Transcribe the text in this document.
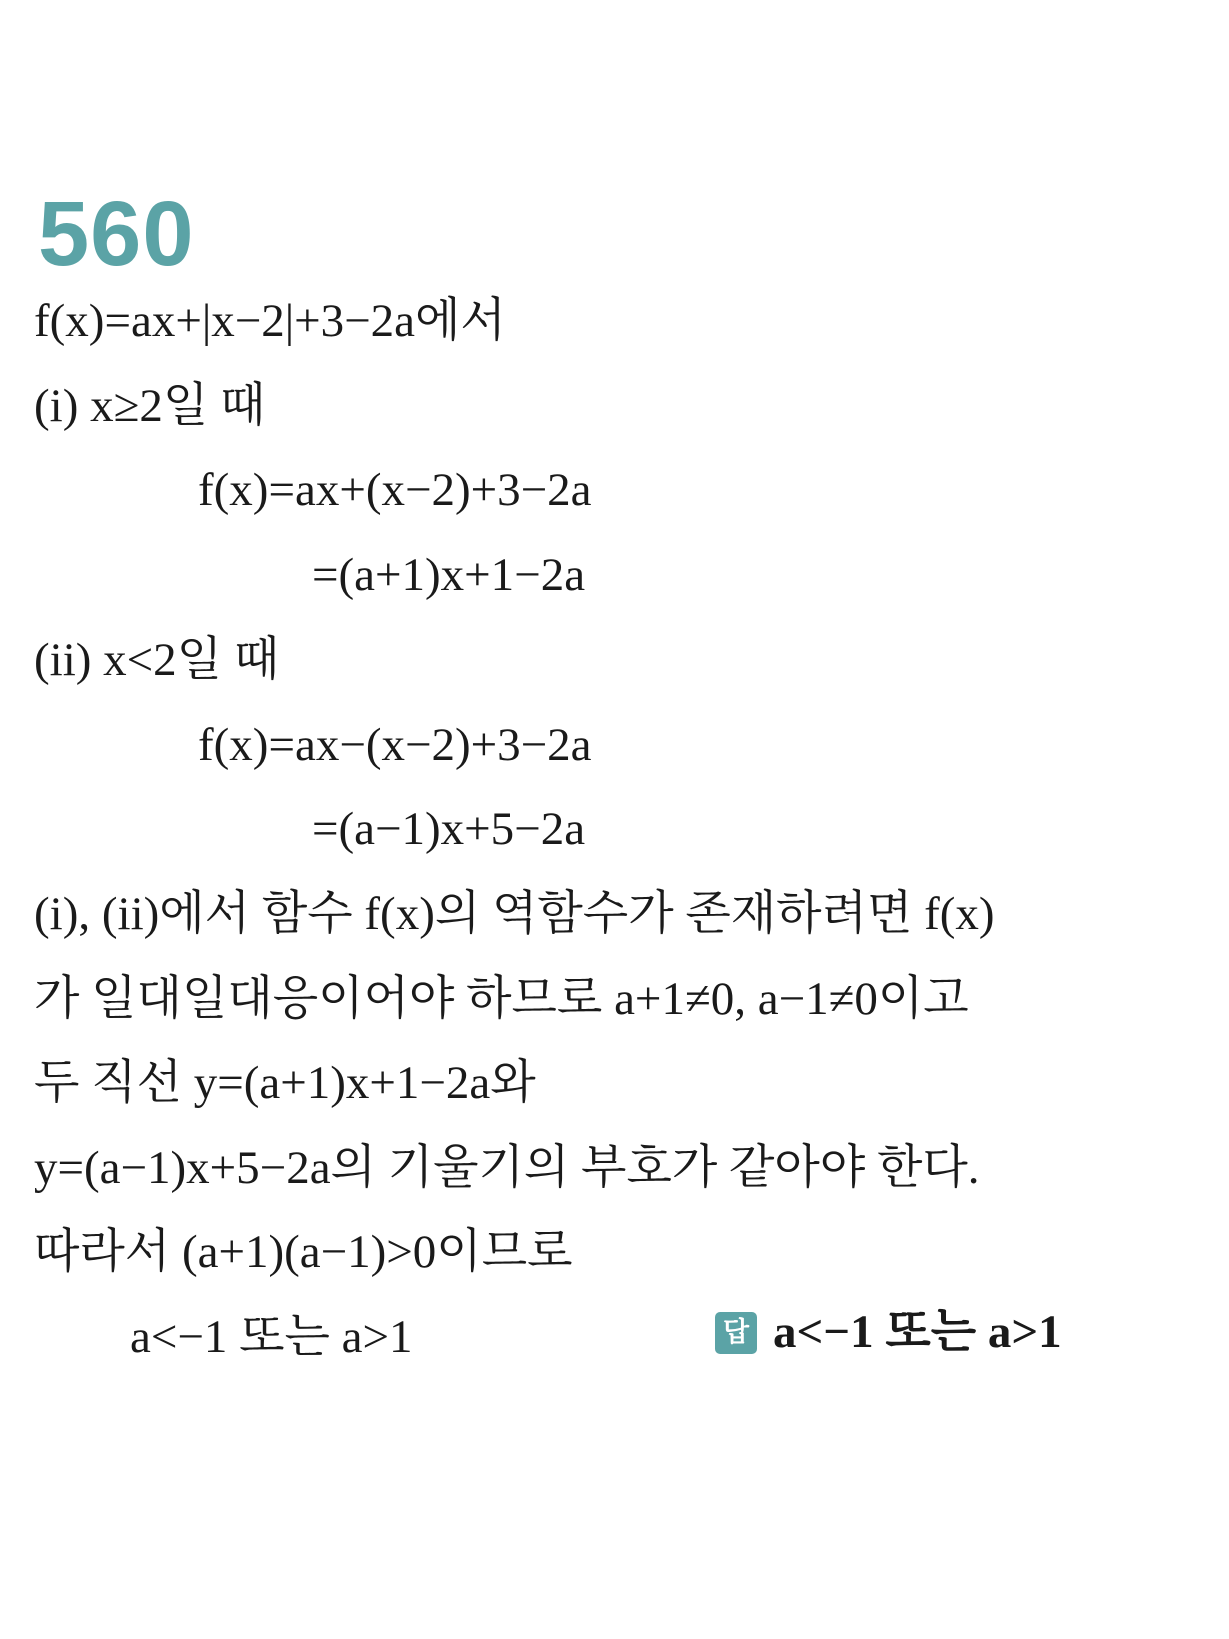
560
f(x)=ax+|x−2|+3−2a에서
(i) x≥2일 때
f(x)=ax+(x−2)+3−2a
=(a+1)x+1−2a
(ii) x<2일 때
f(x)=ax−(x−2)+3−2a
=(a−1)x+5−2a
(i), (ii)에서 함수 f(x)의 역함수가 존재하려면 f(x)
가 일대일대응이어야 하므로 a+1≠0, a−1≠0이고
두 직선 y=(a+1)x+1−2a와
y=(a−1)x+5−2a의 기울기의 부호가 같아야 한다.
따라서 (a+1)(a−1)>0이므로
a<−1 또는 a>1	답 a<−1 또는 a>1
